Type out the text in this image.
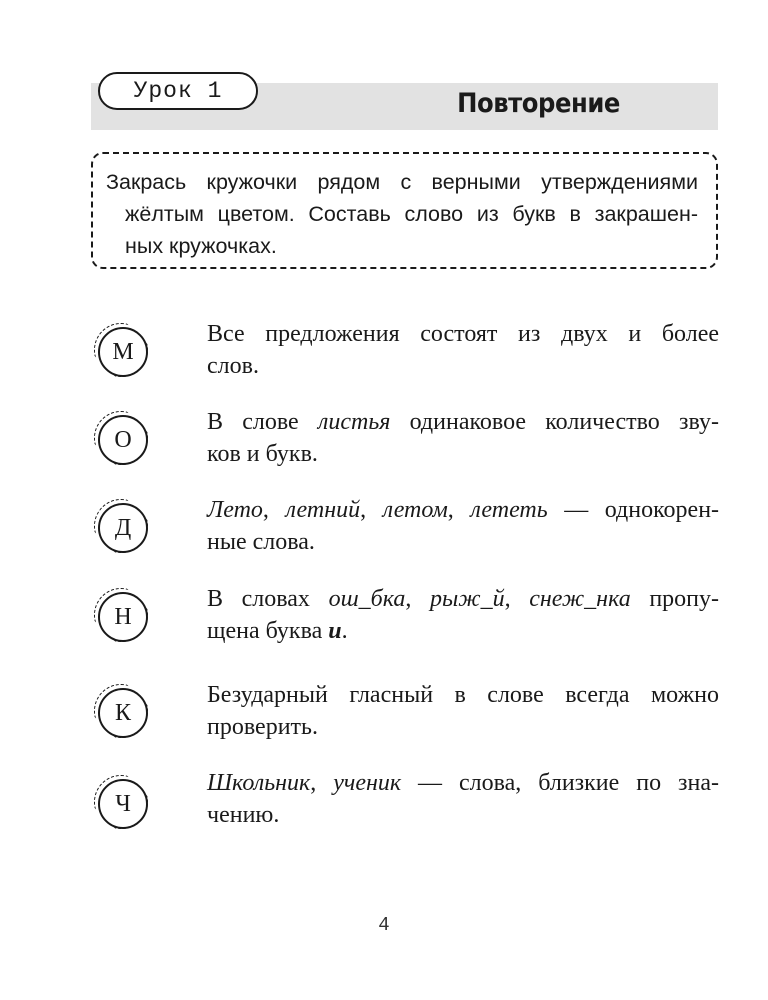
Урок 1	Повторение
Закрась кружочки рядом с верными утверждениями
жёлтым цветом. Составь слово из букв в закрашен-
ных кружочках.
М
Все предложения состоят из двух и более
слов.
О
В слове листья одинаковое количество зву-
ков и букв.
Д
Лето, летний, летом, лететь — однокорен-
ные слова.
Н
В словах ош_бка, рыж_й, снеж_нка пропу-
щена буква и.
К
Безударный гласный в слове всегда можно
проверить.
Ч
Школьник, ученик — слова, близкие по зна-
чению.
4
